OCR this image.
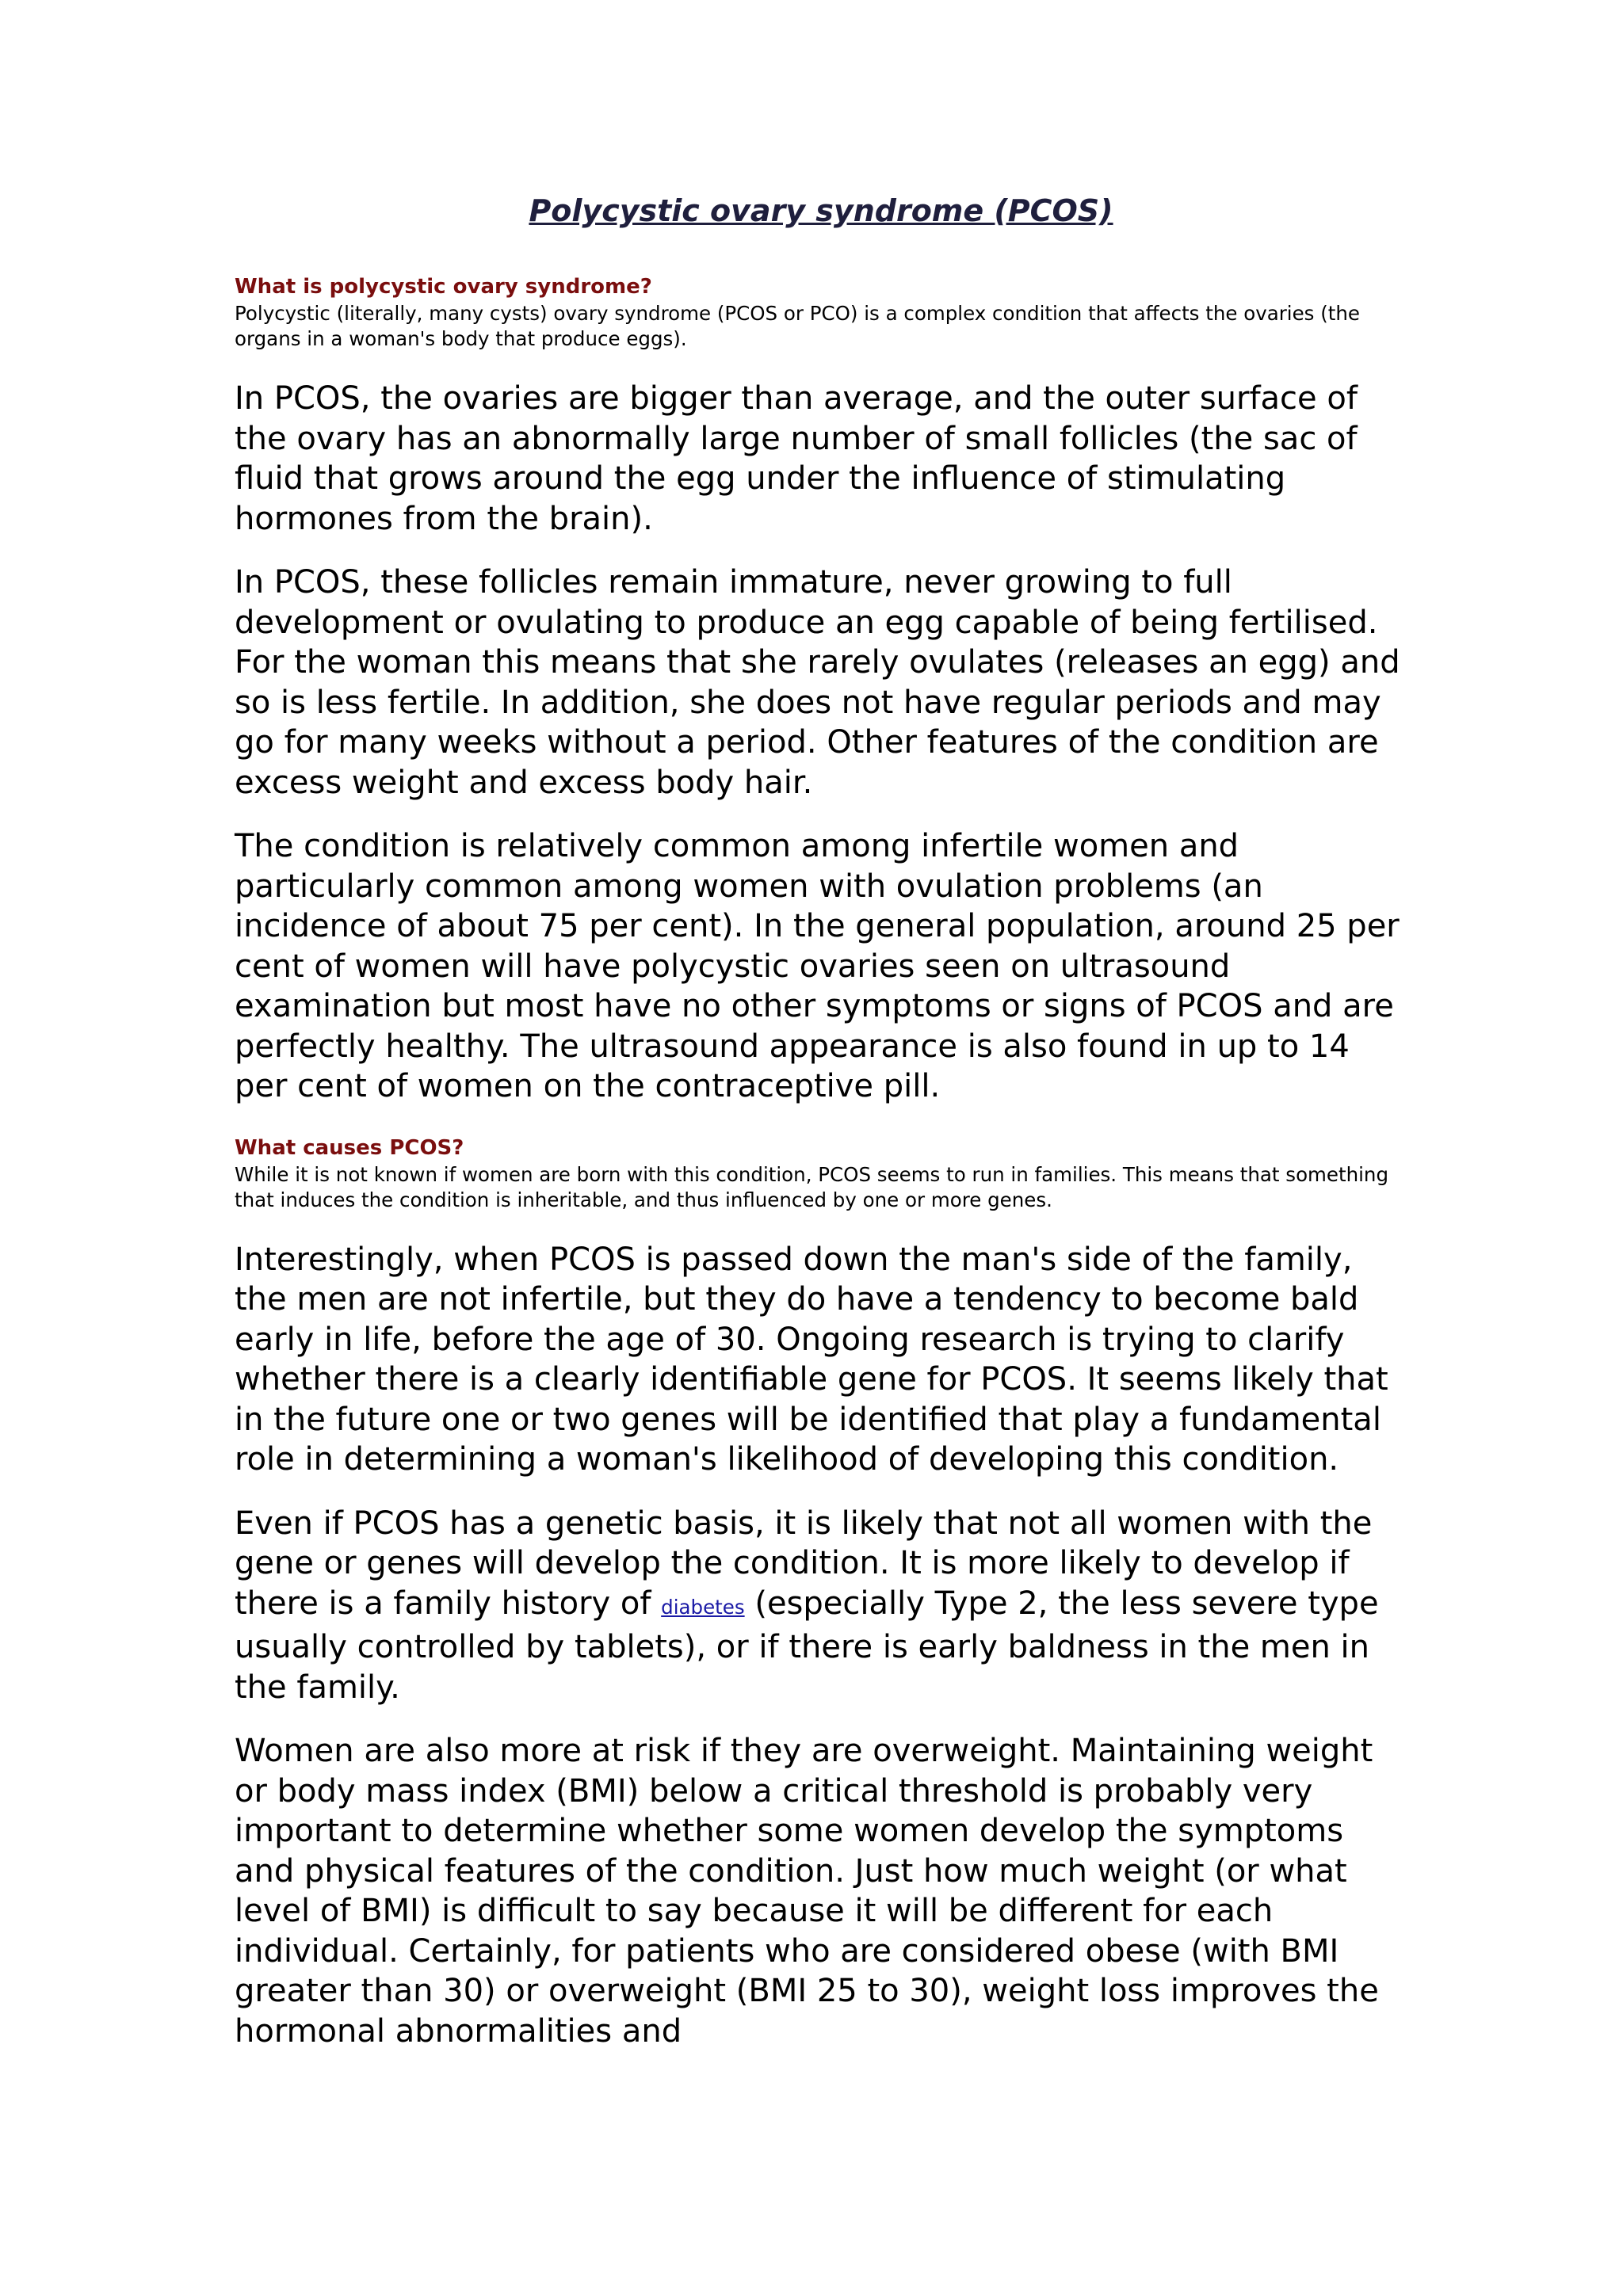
Polycystic ovary syndrome (PCOS)
What is polycystic ovary syndrome?

Polycystic (literally, many cysts) ovary syndrome (PCOS or PCO) is a complex condition that affects the ovaries (the organs in a woman's body that produce eggs).

In PCOS, the ovaries are bigger than average, and the outer surface of the ovary has an abnormally large number of small follicles (the sac of fluid that grows around the egg under the influence of stimulating hormones from the brain).

In PCOS, these follicles remain immature, never growing to full development or ovulating to produce an egg capable of being fertilised. For the woman this means that she rarely ovulates (releases an egg) and so is less fertile. In addition, she does not have regular periods and may go for many weeks without a period. Other features of the condition are excess weight and excess body hair.

The condition is relatively common among infertile women and particularly common among women with ovulation problems (an incidence of about 75 per cent). In the general population, around 25 per cent of women will have polycystic ovaries seen on ultrasound examination but most have no other symptoms or signs of PCOS and are perfectly healthy. The ultrasound appearance is also found in up to 14 per cent of women on the contraceptive pill.

What causes PCOS?

While it is not known if women are born with this condition, PCOS seems to run in families. This means that something that induces the condition is inheritable, and thus influenced by one or more genes.

Interestingly, when PCOS is passed down the man's side of the family, the men are not infertile, but they do have a tendency to become bald early in life, before the age of 30. Ongoing research is trying to clarify whether there is a clearly identifiable gene for PCOS. It seems likely that in the future one or two genes will be identified that play a fundamental role in determining a woman's likelihood of developing this condition.

Even if PCOS has a genetic basis, it is likely that not all women with the gene or genes will develop the condition. It is more likely to develop if there is a family history of diabetes (especially Type 2, the less severe type usually controlled by tablets), or if there is early baldness in the men in the family.

Women are also more at risk if they are overweight. Maintaining weight or body mass index (BMI) below a critical threshold is probably very important to determine whether some women develop the symptoms and physical features of the condition. Just how much weight (or what level of BMI) is difficult to say because it will be different for each individual. Certainly, for patients who are considered obese (with BMI greater than 30) or overweight (BMI 25 to 30), weight loss improves the hormonal abnormalities and
